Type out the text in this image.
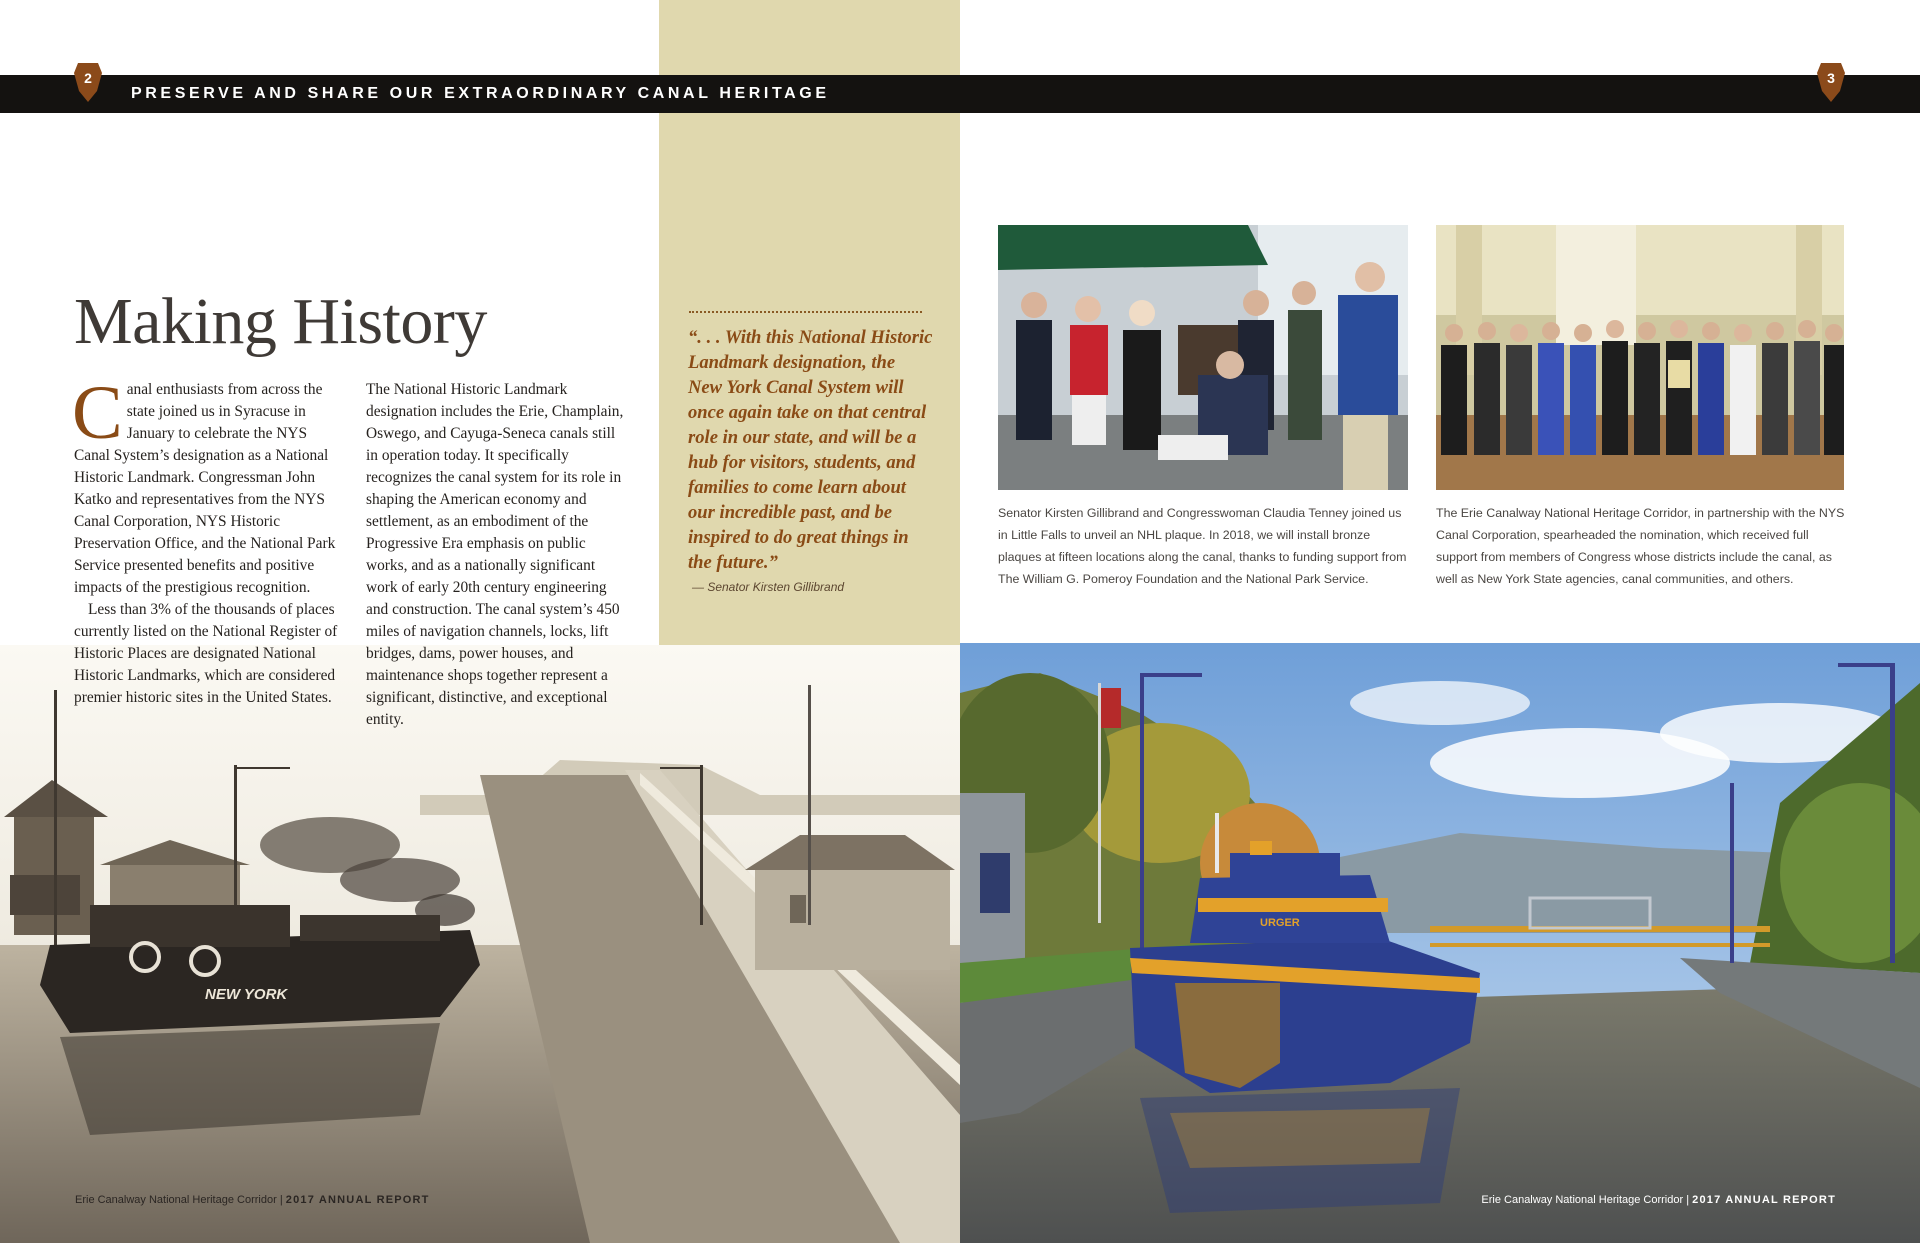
PRESERVE AND SHARE OUR EXTRAORDINARY CANAL HERITAGE
2	3
NEW YORK
URGER
Making History

Canal enthusiasts from across the state joined us in Syracuse in January to celebrate the NYS Canal System’s designation as a National Historic Landmark. Congressman John Katko and representatives from the NYS Canal Corporation, NYS Historic Preservation Office, and the National Park Service presented benefits and positive impacts of the prestigious recognition.

Less than 3% of the thousands of places currently listed on the National Register of Historic Places are designated National Historic Landmarks, which are considered premier historic sites in the United States.

The National Historic Landmark designation includes the Erie, Champlain, Oswego, and Cayuga-Seneca canals still in operation today. It specifically recognizes the canal system for its role in shaping the American economy and settlement, as an embodiment of the Progressive Era emphasis on public works, and as a nationally significant work of early 20th century engineering and construction. The canal system’s 450 miles of navigation channels, locks, lift bridges, dams, power houses, and maintenance shops together represent a significant, distinctive, and exceptional entity.

“. . . With this National Historic Landmark designation, the New York Canal System will once again take on that central role in our state, and will be a hub for visitors, students, and families to come learn about our incredible past, and be inspired to do great things in the future.”

— Senator Kirsten Gillibrand
Senator Kirsten Gillibrand and Congresswoman Claudia Tenney joined us in Little Falls to unveil an NHL plaque. In 2018, we will install bronze plaques at fifteen locations along the canal, thanks to funding support from The William G. Pomeroy Foundation and the National Park Service.
The Erie Canalway National Heritage Corridor, in partnership with the NYS Canal Corporation, spearheaded the nomination, which received full support from members of Congress whose districts include the canal, as well as New York State agencies, canal communities, and others.
Erie Canalway National Heritage Corridor | 2017 ANNUAL REPORT	Erie Canalway National Heritage Corridor | 2017 ANNUAL REPORT
